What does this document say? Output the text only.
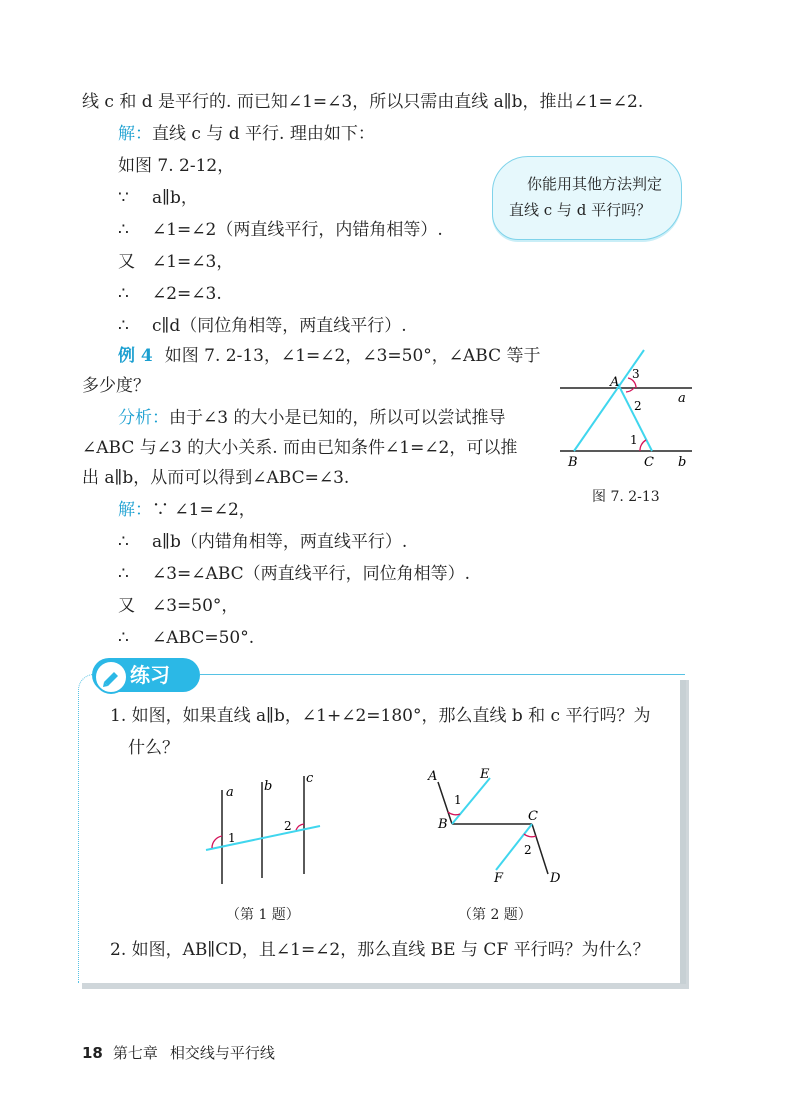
线 c 和 d 是平行的. 而已知∠1=∠3，所以只需由直线 a∥b，推出∠1=∠2.
解：直线 c 与 d 平行. 理由如下：
如图 7. 2-12，
∵ a∥b，
∴ ∠1=∠2（两直线平行，内错角相等）.
又 ∠1=∠3，
∴ ∠2=∠3.
∴ c∥d（同位角相等，两直线平行）.
你能用其他方法判定
直线 c 与 d 平行吗？
例 4 如图 7. 2-13，∠1=∠2，∠3=50°，∠ABC 等于
多少度？
分析：由于∠3 的大小是已知的，所以可以尝试推导
∠ABC 与∠3 的大小关系. 而由已知条件∠1=∠2，可以推
出 a∥b，从而可以得到∠ABC=∠3.
解：∵ ∠1=∠2，
∴ a∥b（内错角相等，两直线平行）.
∴ ∠3=∠ABC（两直线平行，同位角相等）.
又 ∠3=50°，
∴ ∠ABC=50°.
A
3
2	a
1
B	C b
图 7. 2-13
练习
1. 如图，如果直线 a∥b，∠1+∠2=180°，那么直线 b 和 c 平行吗？为
什么？
a b
c
1
2
（第 1 题）
A	E
1
B
C
2
F	D
（第 2 题）
2. 如图，AB∥CD，且∠1=∠2，那么直线 BE 与 CF 平行吗？为什么？
18 第七章 相交线与平行线
